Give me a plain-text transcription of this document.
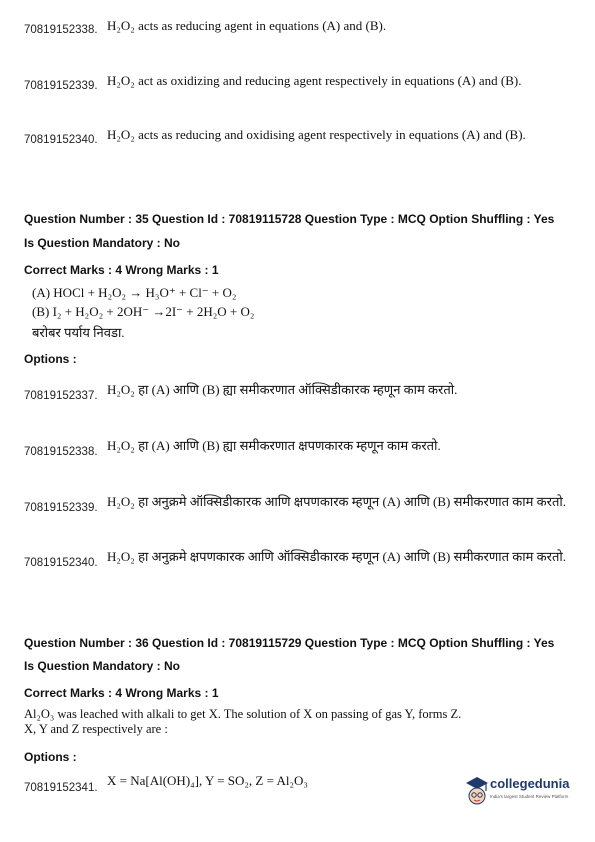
70819152338. H₂O₂ acts as reducing agent in equations (A) and (B).
70819152339. H₂O₂ act as oxidizing and reducing agent respectively in equations (A) and (B).
70819152340. H₂O₂ acts as reducing and oxidising agent respectively in equations (A) and (B).
Question Number : 35 Question Id : 70819115728 Question Type : MCQ Option Shuffling : Yes
Is Question Mandatory : No
Correct Marks : 4 Wrong Marks : 1
(A) HOCl + H₂O₂ → H₃O⁺ + Cl⁻ + O₂
(B) I₂ + H₂O₂ + 2OH⁻ →2I⁻ + 2H₂O + O₂
बरोबर पर्याय निवडा.
Options :
70819152337. H₂O₂ हा (A) आणि (B) ह्या समीकरणात ऑक्सिडीकारक म्हणून काम करतो.
70819152338. H₂O₂ हा (A) आणि (B) ह्या समीकरणात क्षपणकारक म्हणून काम करतो.
70819152339. H₂O₂ हा अनुक्रमे ऑक्सिडीकारक आणि क्षपणकारक म्हणून (A) आणि (B) समीकरणात काम करतो.
70819152340. H₂O₂ हा अनुक्रमे क्षपणकारक आणि ऑक्सिडीकारक म्हणून (A) आणि (B) समीकरणात काम करतो.
Question Number : 36 Question Id : 70819115729 Question Type : MCQ Option Shuffling : Yes
Is Question Mandatory : No
Correct Marks : 4 Wrong Marks : 1
Al₂O₃ was leached with alkali to get X. The solution of X on passing of gas Y, forms Z.
X, Y and Z respectively are :
Options :
70819152341. X = Na[Al(OH)₄], Y = SO₂, Z = Al₂O₃	collegedunia
India's largest Student Review Platform
